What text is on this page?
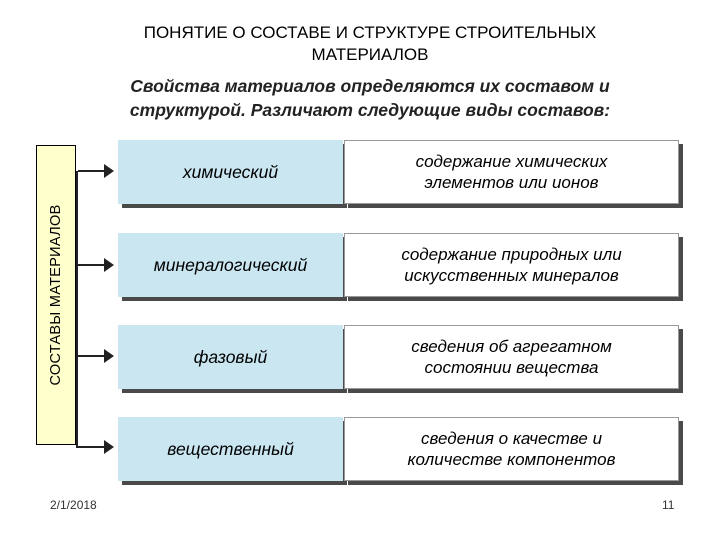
ПОНЯТИЕ О СОСТАВЕ И СТРУКТУРЕ СТРОИТЕЛЬНЫХ
МАТЕРИАЛОВ
Свойства материалов определяются их составом и
структурой. Различают следующие виды составов:
СОСТАВЫ МАТЕРИАЛОВ
химический	содержание химических
элементов или ионов
минералогический	содержание природных или
искусственных минералов
фазовый	сведения об агрегатном
состоянии вещества
вещественный	сведения о качестве и
количестве компонентов
2/1/2018	11
